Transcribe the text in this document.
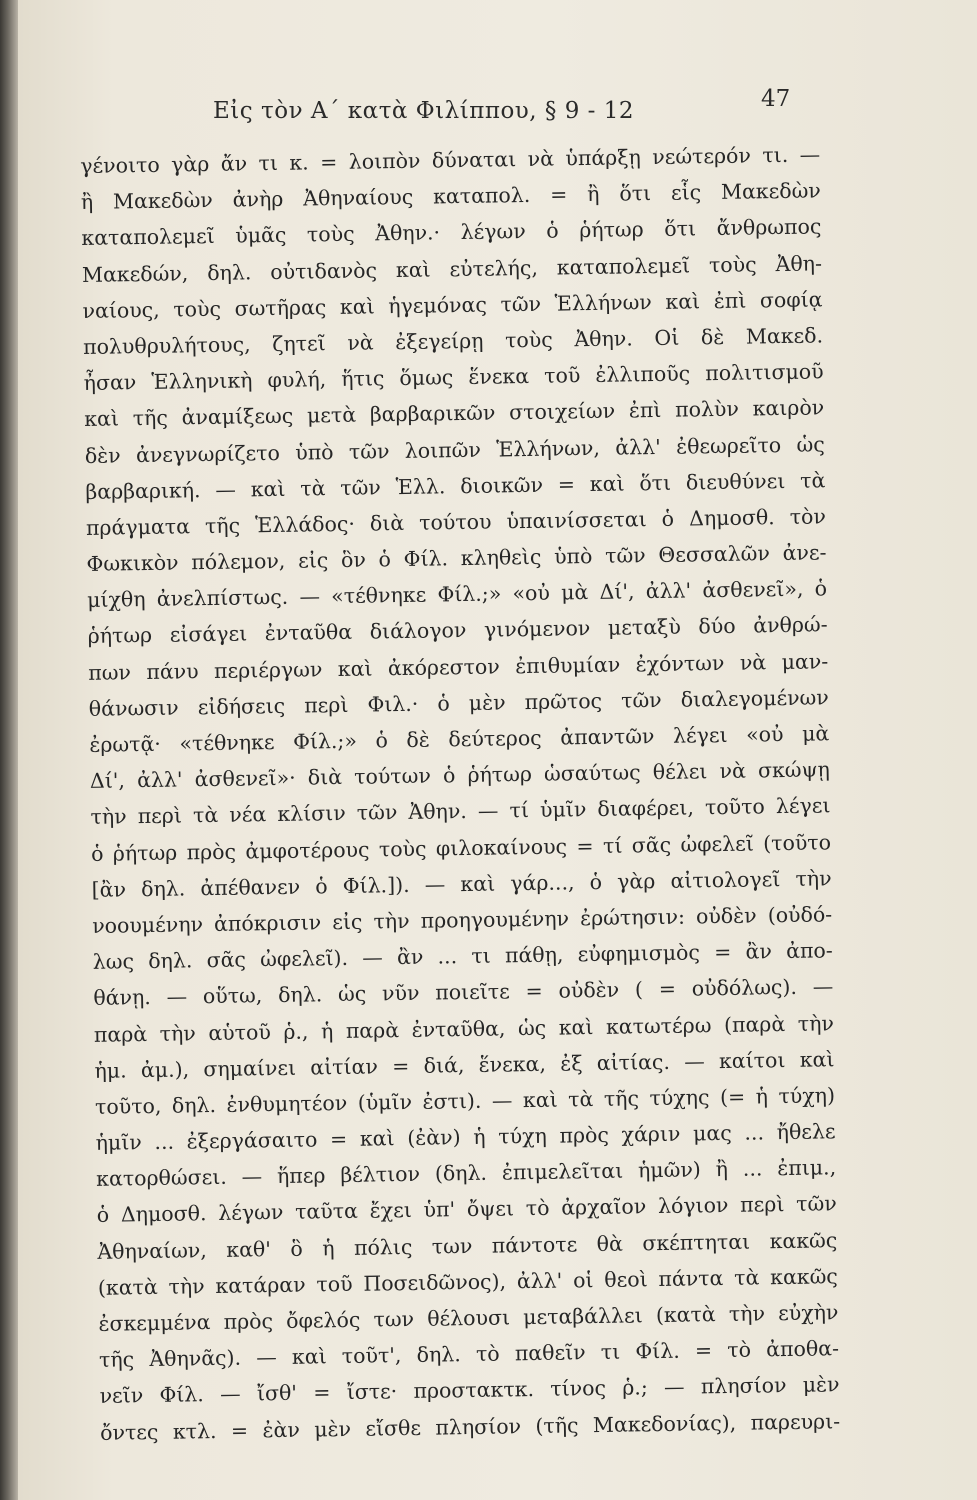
Εἰς τὸν Α´ κατὰ Φιλίππου, § 9 - 12	47
γένοιτο γὰρ ἄν τι κ. = λοιπὸν δύναται νὰ ὑπάρξῃ νεώτερόν τι. —
ἢ Μακεδὼν ἀνὴρ Ἀθηναίους καταπολ. = ἢ ὅτι εἷς Μακεδὼν
καταπολεμεῖ ὑμᾶς τοὺς Ἀθην.· λέγων ὁ ῥήτωρ ὅτι ἄνθρωπος
Μακεδών, δηλ. οὐτιδανὸς καὶ εὐτελής, καταπολεμεῖ τοὺς Ἀθη-
ναίους, τοὺς σωτῆρας καὶ ἡγεμόνας τῶν Ἑλλήνων καὶ ἐπὶ σοφίᾳ
πολυθρυλήτους, ζητεῖ νὰ ἐξεγείρῃ τοὺς Ἀθην. Οἱ δὲ Μακεδ.
ἦσαν Ἑλληνικὴ φυλή, ἥτις ὅμως ἕνεκα τοῦ ἐλλιποῦς πολιτισμοῦ
καὶ τῆς ἀναμίξεως μετὰ βαρβαρικῶν στοιχείων ἐπὶ πολὺν καιρὸν
δὲν ἀνεγνωρίζετο ὑπὸ τῶν λοιπῶν Ἑλλήνων, ἀλλ' ἐθεωρεῖτο ὡς
βαρβαρική. — καὶ τὰ τῶν Ἑλλ. διοικῶν = καὶ ὅτι διευθύνει τὰ
πράγματα τῆς Ἑλλάδος· διὰ τούτου ὑπαινίσσεται ὁ Δημοσθ. τὸν
Φωκικὸν πόλεμον, εἰς ὃν ὁ Φίλ. κληθεὶς ὑπὸ τῶν Θεσσαλῶν ἀνε-
μίχθη ἀνελπίστως. — «τέθνηκε Φίλ.;» «οὐ μὰ Δί', ἀλλ' ἀσθενεῖ», ὁ
ῥήτωρ εἰσάγει ἐνταῦθα διάλογον γινόμενον μεταξὺ δύο ἀνθρώ-
πων πάνυ περιέργων καὶ ἀκόρεστον ἐπιθυμίαν ἐχόντων νὰ μαν-
θάνωσιν εἰδήσεις περὶ Φιλ.· ὁ μὲν πρῶτος τῶν διαλεγομένων
ἐρωτᾷ· «τέθνηκε Φίλ.;» ὁ δὲ δεύτερος ἀπαντῶν λέγει «οὐ μὰ
Δί', ἀλλ' ἀσθενεῖ»· διὰ τούτων ὁ ῥήτωρ ὡσαύτως θέλει νὰ σκώψῃ
τὴν περὶ τὰ νέα κλίσιν τῶν Ἀθην. — τί ὑμῖν διαφέρει, τοῦτο λέγει
ὁ ῥήτωρ πρὸς ἀμφοτέρους τοὺς φιλοκαίνους = τί σᾶς ὠφελεῖ (τοῦτο
[ἂν δηλ. ἀπέθανεν ὁ Φίλ.]). — καὶ γάρ..., ὁ γὰρ αἰτιολογεῖ τὴν
νοουμένην ἀπόκρισιν εἰς τὴν προηγουμένην ἐρώτησιν: οὐδὲν (οὐδό-
λως δηλ. σᾶς ὠφελεῖ). — ἂν ... τι πάθῃ, εὐφημισμὸς = ἂν ἀπο-
θάνῃ. — οὕτω, δηλ. ὡς νῦν ποιεῖτε = οὐδὲν ( = οὐδόλως). —
παρὰ τὴν αὑτοῦ ῥ., ἡ παρὰ ἐνταῦθα, ὡς καὶ κατωτέρω (παρὰ τὴν
ἡμ. ἀμ.), σημαίνει αἰτίαν = διά, ἕνεκα, ἐξ αἰτίας. — καίτοι καὶ
τοῦτο, δηλ. ἐνθυμητέον (ὑμῖν ἐστι). — καὶ τὰ τῆς τύχης (= ἡ τύχη)
ἡμῖν ... ἐξεργάσαιτο = καὶ (ἐὰν) ἡ τύχη πρὸς χάριν μας ... ἤθελε
κατορθώσει. — ἥπερ βέλτιον (δηλ. ἐπιμελεῖται ἡμῶν) ἢ ... ἐπιμ.,
ὁ Δημοσθ. λέγων ταῦτα ἔχει ὑπ' ὄψει τὸ ἀρχαῖον λόγιον περὶ τῶν
Ἀθηναίων, καθ' ὃ ἡ πόλις των πάντοτε θὰ σκέπτηται κακῶς
(κατὰ τὴν κατάραν τοῦ Ποσειδῶνος), ἀλλ' οἱ θεοὶ πάντα τὰ κακῶς
ἐσκεμμένα πρὸς ὄφελός των θέλουσι μεταβάλλει (κατὰ τὴν εὐχὴν
τῆς Ἀθηνᾶς). — καὶ τοῦτ', δηλ. τὸ παθεῖν τι Φίλ. = τὸ ἀποθα-
νεῖν Φίλ. — ἴσθ' = ἴστε· προστακτκ. τίνος ῥ.; — πλησίον μὲν
ὄντες κτλ. = ἐὰν μὲν εἴσθε πλησίον (τῆς Μακεδονίας), παρευρι-
